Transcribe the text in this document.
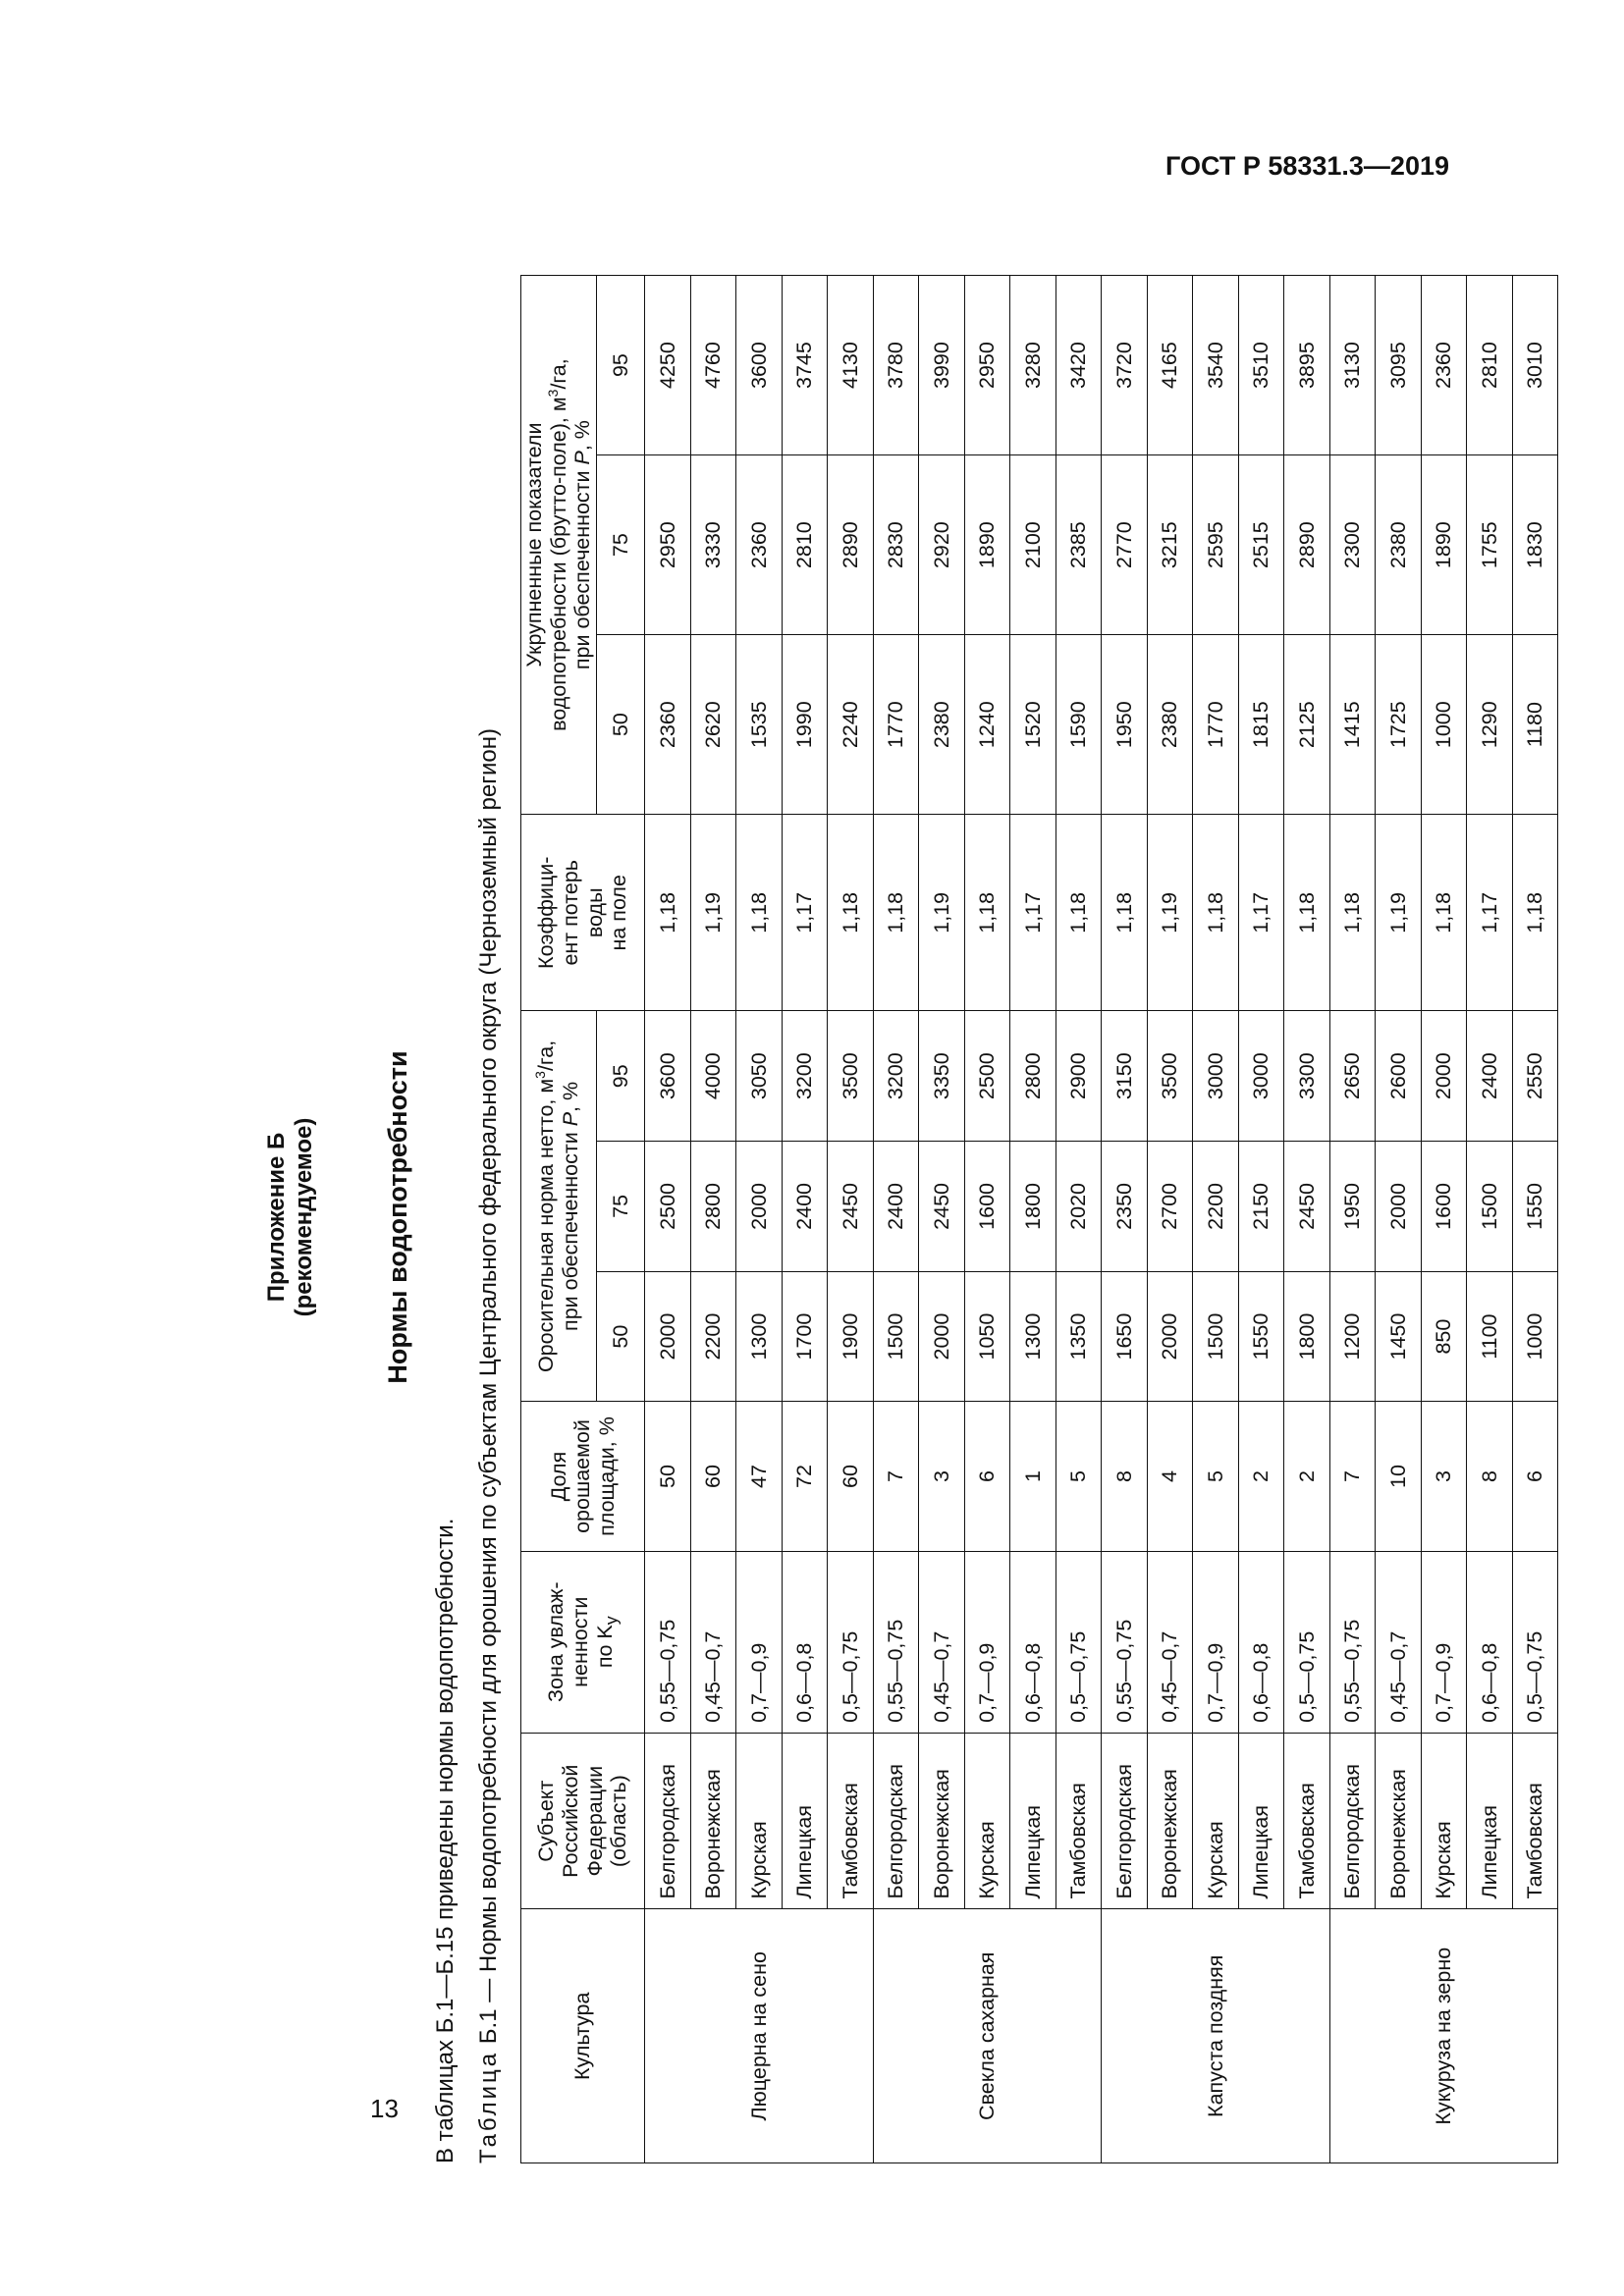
ГОСТ Р 58331.3—2019
13
Приложение Б (рекомендуемое) Нормы водопотребности
В таблицах Б.1—Б.15 приведены нормы водопотребности. Таблица Б.1 — Нормы водопотребности для орошения по субъектам Центрального федерального округа (Черноземный регион)	Культура	Субъект Российской Федерации (область)	Зона увлаж- ненности по $K_у$	Доля орошаемой площади, %	Оросительная норма нетто, $м^3/га$,
при обеспеченности P, %			Коэффици- ент потерь воды на поле	Укрупненные показатели водопотребности (брутто-поле), $м^3/га$,
при обеспеченности P, %		

				50	75	95		50	75	95
Люцерна на сено	Белгородская	0,55—0,75	50	2000	2500	3600	1,18	2360	2950	4250
	Воронежская	0,45—0,7	60	2200	2800	4000	1,19	2620	3330	4760
	Курская	0,7—0,9	47	1300	2000	3050	1,18	1535	2360	3600
	Липецкая	0,6—0,8	72	1700	2400	3200	1,17	1990	2810	3745
	Тамбовская	0,5—0,75	60	1900	2450	3500	1,18	2240	2890	4130
Свекла сахарная	Белгородская	0,55—0,75	7	1500	2400	3200	1,18	1770	2830	3780
	Воронежская	0,45—0,7	3	2000	2450	3350	1,19	2380	2920	3990
	Курская	0,7—0,9	6	1050	1600	2500	1,18	1240	1890	2950
	Липецкая	0,6—0,8	1	1300	1800	2800	1,17	1520	2100	3280
	Тамбовская	0,5—0,75	5	1350	2020	2900	1,18	1590	2385	3420
Капуста поздняя	Белгородская	0,55—0,75	8	1650	2350	3150	1,18	1950	2770	3720
	Воронежская	0,45—0,7	4	2000	2700	3500	1,19	2380	3215	4165
	Курская	0,7—0,9	5	1500	2200	3000	1,18	1770	2595	3540
	Липецкая	0,6—0,8	2	1550	2150	3000	1,17	1815	2515	3510
	Тамбовская	0,5—0,75	2	1800	2450	3300	1,18	2125	2890	3895
Кукуруза на зерно	Белгородская	0,55—0,75	7	1200	1950	2650	1,18	1415	2300	3130
	Воронежская	0,45—0,7	10	1450	2000	2600	1,19	1725	2380	3095
	Курская	0,7—0,9	3	850	1600	2000	1,18	1000	1890	2360
	Липецкая	0,6—0,8	8	1100	1500	2400	1,17	1290	1755	2810
	Тамбовская	0,5—0,75	6	1000	1550	2550	1,18	1180	1830	3010
